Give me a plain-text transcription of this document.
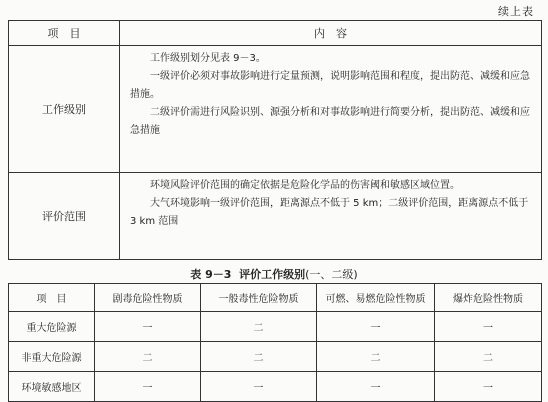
续上表
项　目	内　容
工作级别	工作级别划分见表 9－3。

一级评价必须对事故影响进行定量预测，说明影响范围和程度，提出防范、减缓和应急措施。

二级评价需进行风险识别、源强分析和对事故影响进行简要分析，提出防范、减缓和应急措施

评价范围	环境风险评价范围的确定依据是危险化学品的伤害阈和敏感区域位置。

大气环境影响一级评价范围，距离源点不低于 5 km；二级评价范围，距离源点不低于 3 km 范围

表 9－3 评价工作级别(一、二级)
项　目	剧毒危险性物质	一般毒性危险物质	可燃、易燃危险性物质	爆炸危险性物质
重大危险源	一	二	一	一
非重大危险源	二	二	二	二
环境敏感地区	一	一	一	一
